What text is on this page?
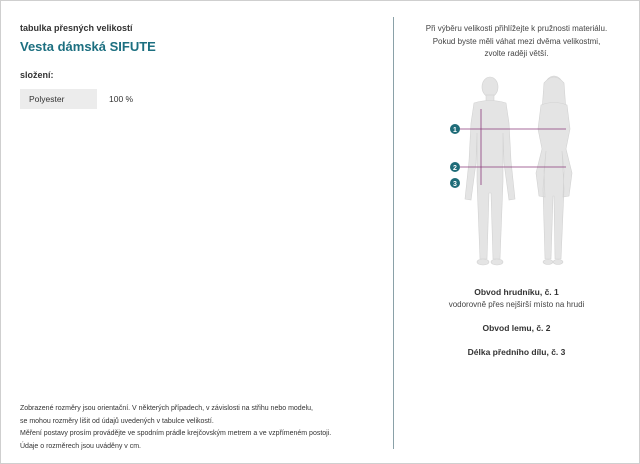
tabulka přesných velikostí
Vesta dámská SIFUTE
složení:
Polyester	100 %
Zobrazené rozměry jsou orientační. V některých případech, v závislosti na střihu nebo modelu,
se mohou rozměry lišit od údajů uvedených v tabulce velikostí.
Měření postavy prosím provádějte ve spodním prádle krejčovským metrem a ve vzpřímeném postoji.
Údaje o rozměrech jsou uváděny v cm.
Při výběru velikosti přihlížejte k pružnosti materiálu.
Pokud byste měli váhat mezi dvěma velikostmi,
zvolte raději větší.
1
2
3
Obvod hrudníku, č. 1
vodorovně přes nejširší místo na hrudi
Obvod lemu, č. 2
Délka předního dílu, č. 3
